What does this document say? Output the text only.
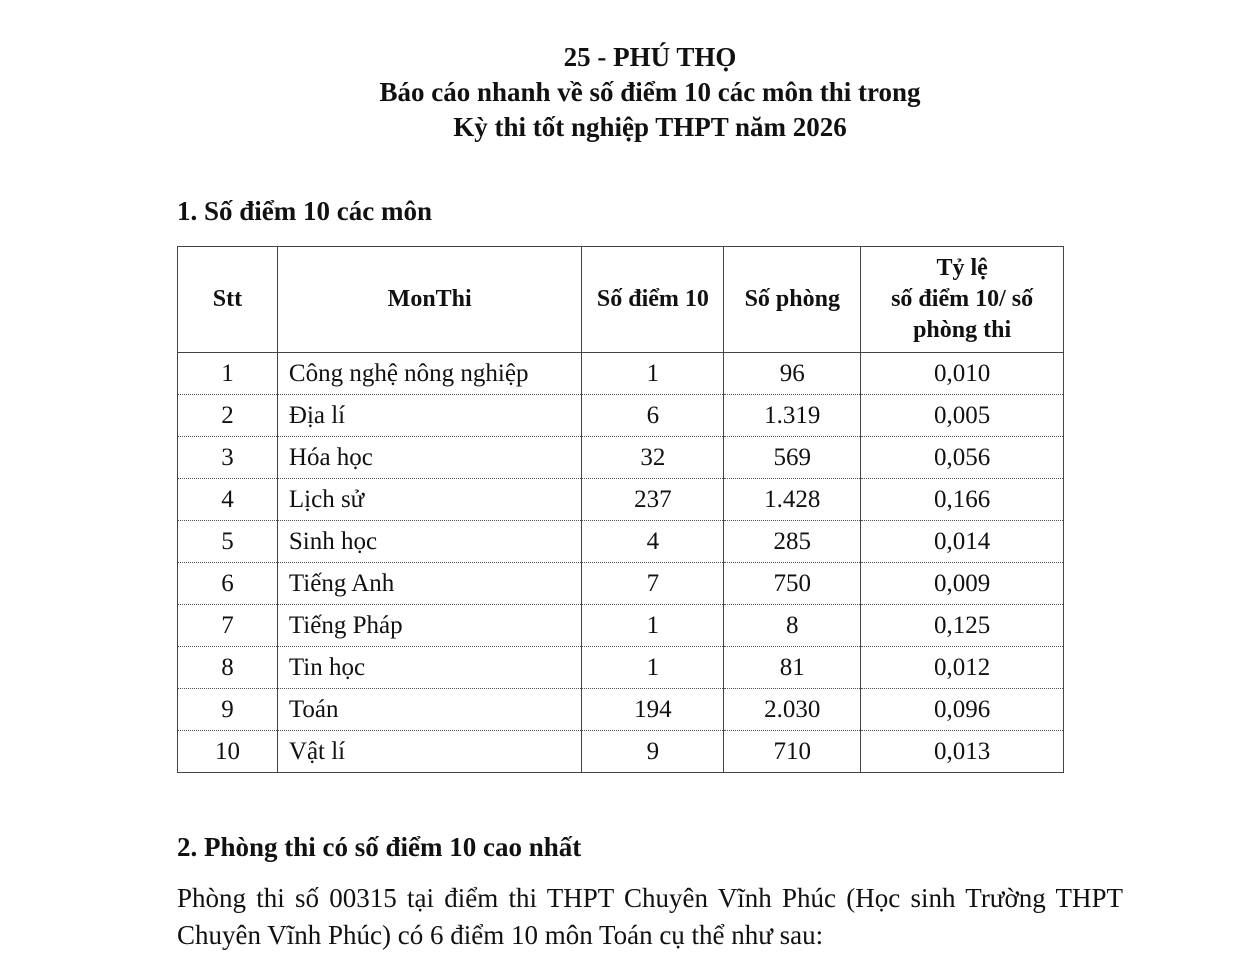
25 - PHÚ THỌ
Báo cáo nhanh về số điểm 10 các môn thi trong
Kỳ thi tốt nghiệp THPT năm 2026
1. Số điểm 10 các môn
Stt	MonThi	Số điểm 10	Số phòng	Tỷ lệ
số điểm 10/ số
phòng thi

1	Công nghệ nông nghiệp	1	96	0,010
2	Địa lí	6	1.319	0,005
3	Hóa học	32	569	0,056
4	Lịch sử	237	1.428	0,166
5	Sinh học	4	285	0,014
6	Tiếng Anh	7	750	0,009
7	Tiếng Pháp	1	8	0,125
8	Tin học	1	81	0,012
9	Toán	194	2.030	0,096
10	Vật lí	9	710	0,013
2. Phòng thi có số điểm 10 cao nhất
Phòng thi số 00315 tại điểm thi THPT Chuyên Vĩnh Phúc (Học sinh Trường THPT Chuyên Vĩnh Phúc) có 6 điểm 10 môn Toán cụ thể như sau:
